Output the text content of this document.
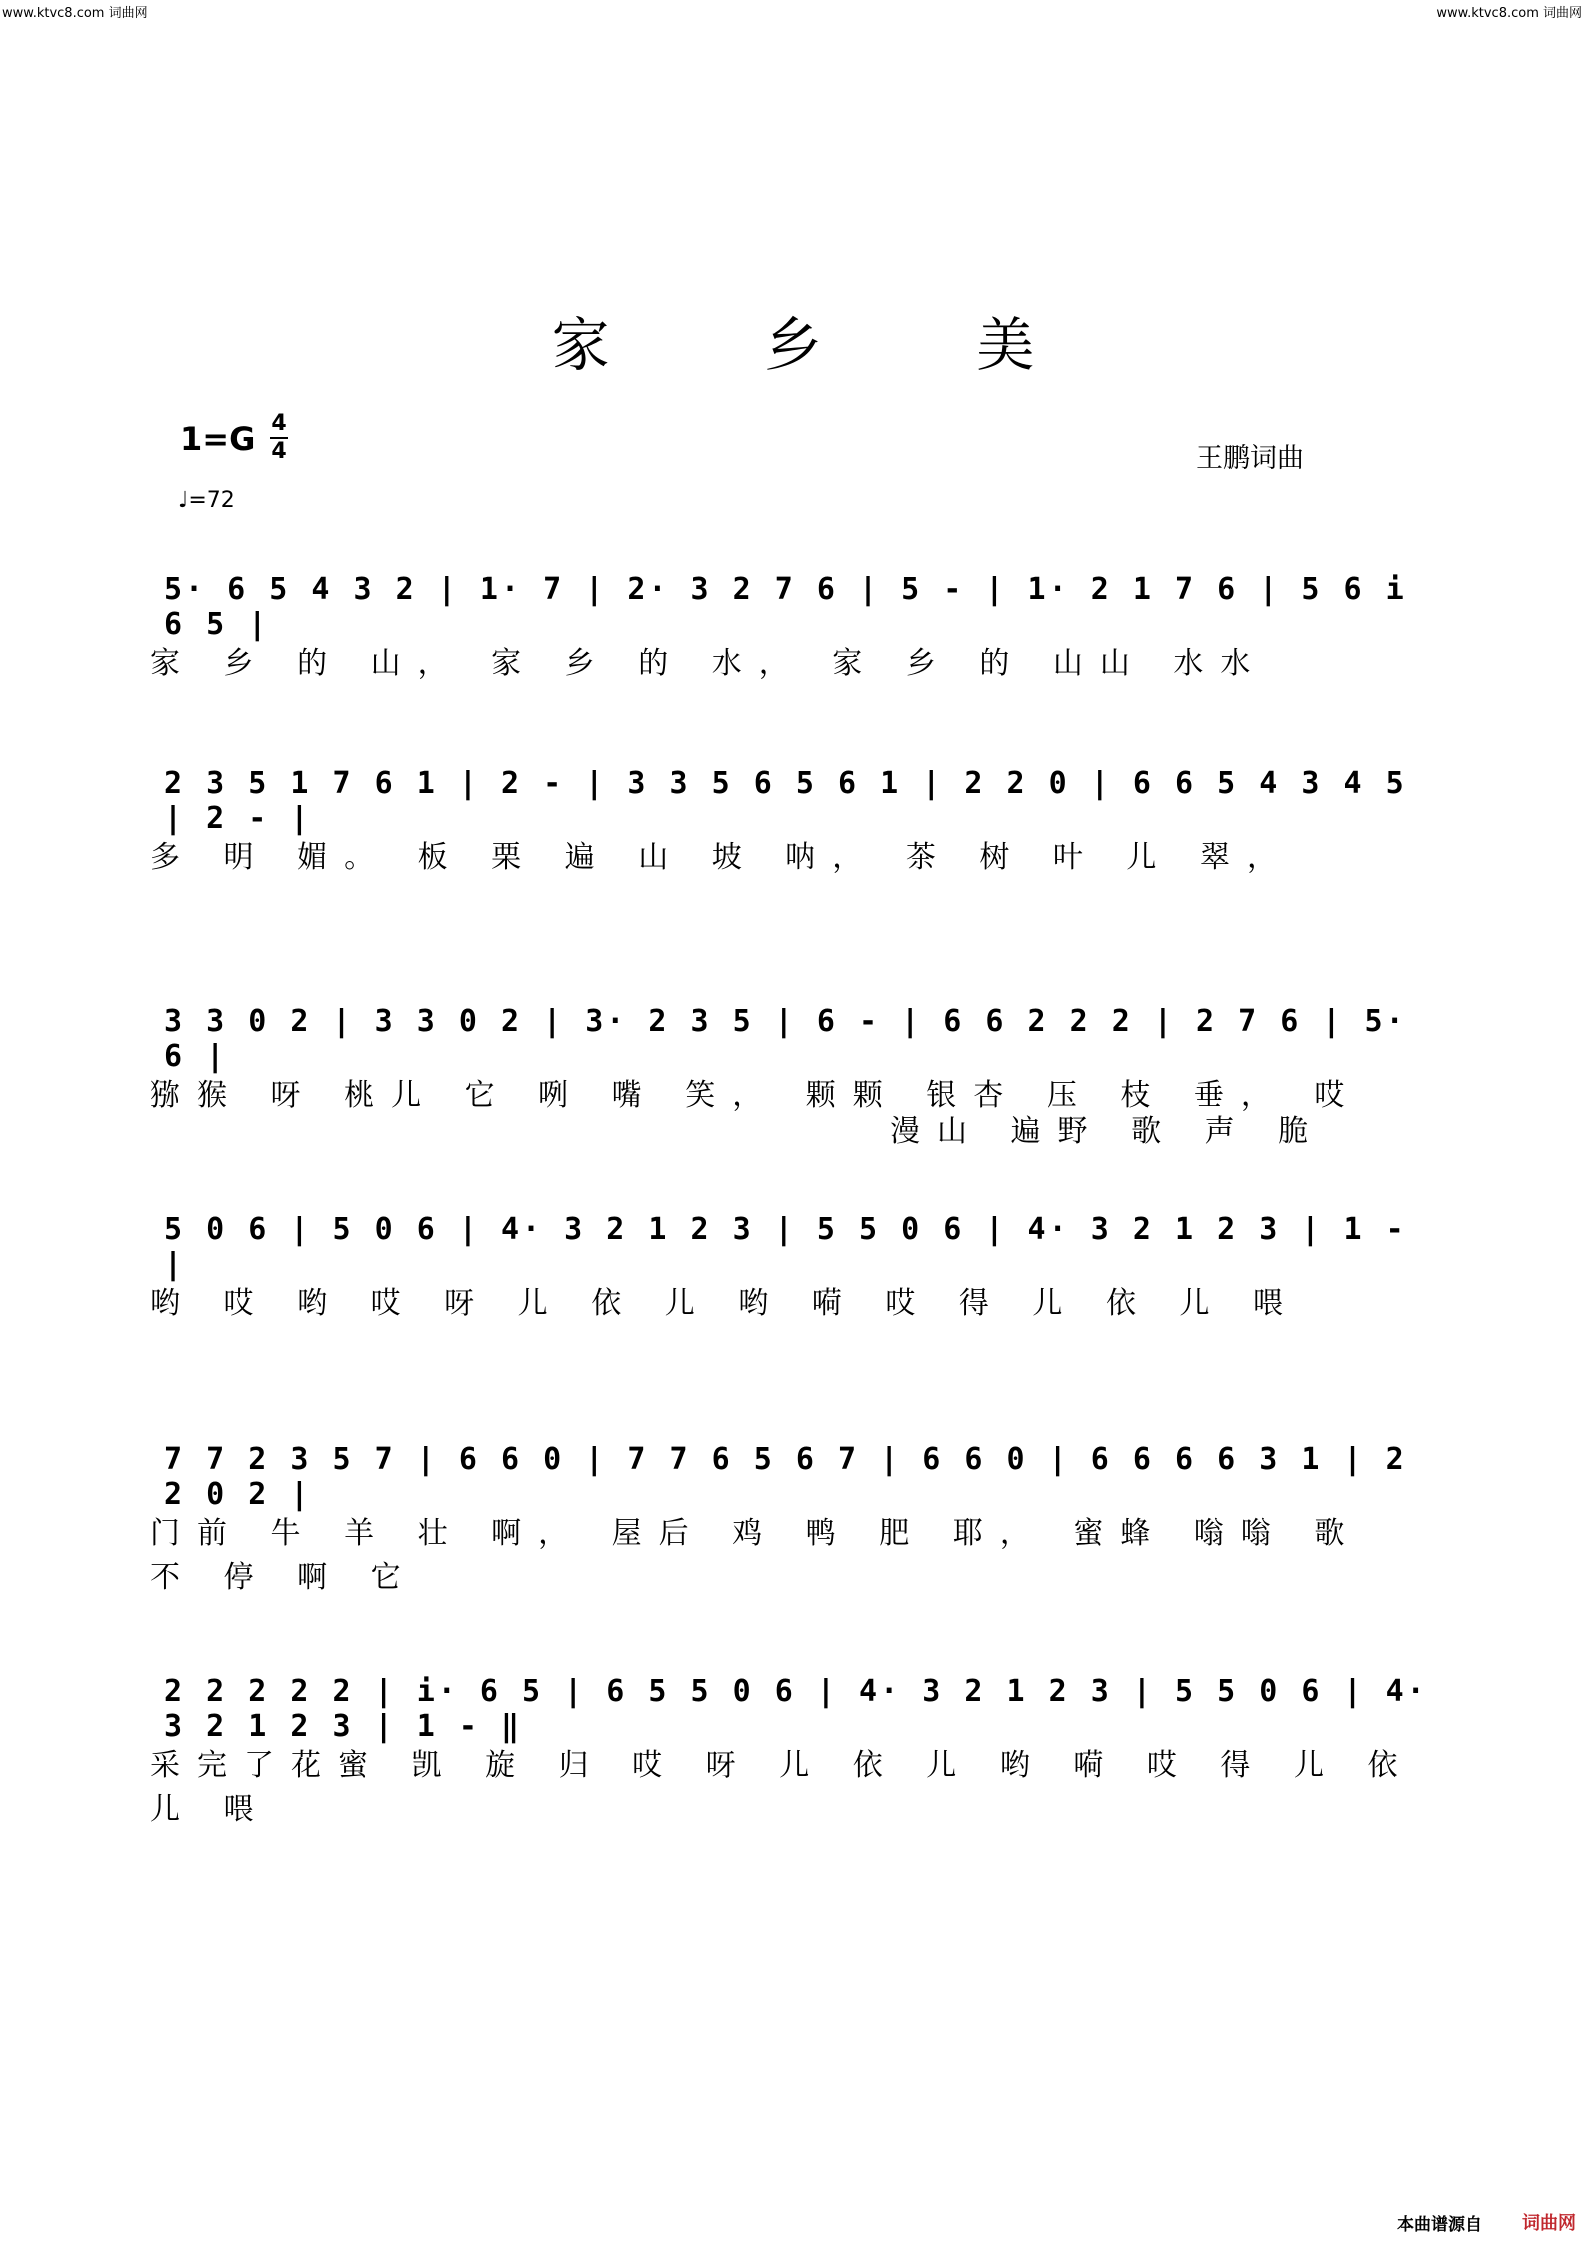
www.ktvc8.com 词曲网	www.ktvc8.com 词曲网
家 乡 美
1=G 4
4
♩=72
王鹏词曲
5· 6 5 4 3 2 | 1· 7 | 2· 3 2 7 6 | 5 - | 1· 2 1 7 6 | 5 6 i 6 5 |
家 乡 的 山， 家 乡 的 水， 家 乡 的 山山 水水
2 3 5 1 7 6 1 | 2 - | 3 3 5 6 5 6 1 | 2 2 0 | 6 6 5 4 3 4 5 | 2 - |
多 明 媚。 板 栗 遍 山 坡 呐， 茶 树 叶 儿 翠，
3 3 0 2 | 3 3 0 2 | 3· 2 3 5 | 6 - | 6 6 2 2 2 | 2 7 6 | 5· 6 |
猕猴 呀 桃儿 它 咧 嘴 笑， 颗颗 银杏 压 枝 垂， 哎
漫山 遍野 歌 声 脆
5 0 6 | 5 0 6 | 4· 3 2 1 2 3 | 5 5 0 6 | 4· 3 2 1 2 3 | 1 - |
哟 哎 哟 哎 呀 儿 依 儿 哟 嗬 哎 得 儿 依 儿 喂
7 7 2 3 5 7 | 6 6 0 | 7 7 6 5 6 7 | 6 6 0 | 6 6 6 6 3 1 | 2 2 0 2 |
门前 牛 羊 壮 啊， 屋后 鸡 鸭 肥 耶， 蜜蜂 嗡嗡 歌 不 停 啊 它
2 2 2 2 2 | i· 6 5 | 6 5 5 0 6 | 4· 3 2 1 2 3 | 5 5 0 6 | 4· 3 2 1 2 3 | 1 - ‖
采完了花蜜 凯 旋 归 哎 呀 儿 依 儿 哟 嗬 哎 得 儿 依 儿 喂
本曲谱源自 词曲网
